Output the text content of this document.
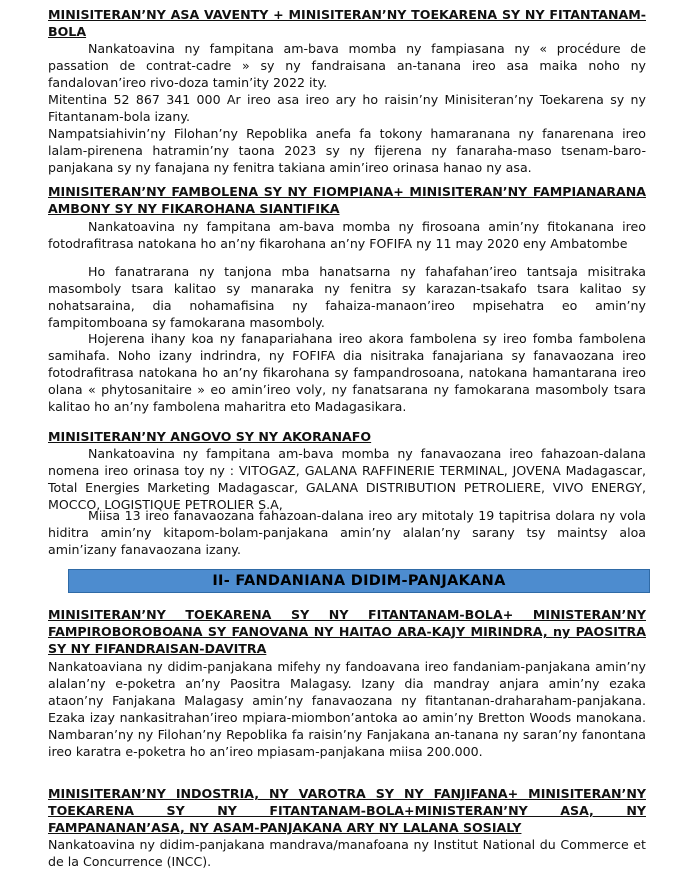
MINISITERAN’NY ASA VAVENTY + MINISITERAN’NY TOEKARENA SY NY FITANTANAM-BOLA

Nankatoavina ny fampitana am-bava momba ny fampiasana ny « procédure de passation de contrat-cadre » sy ny fandraisana an-tanana ireo asa maika noho ny fandalovan’ireo rivo-doza tamin’ity 2022 ity.

Mitentina 52 867 341 000 Ar ireo asa ireo ary ho raisin’ny Minisiteran’ny Toekarena sy ny Fitantanam-bola izany.

Nampatsiahivin’ny Filohan’ny Repoblika anefa fa tokony hamaranana ny fanarenana ireo lalam-pirenena hatramin’ny taona 2023 sy ny fijerena ny fanaraha-maso tsenam-baro-panjakana sy ny fanajana ny fenitra takiana amin’ireo orinasa hanao ny asa.

MINISITERAN’NY FAMBOLENA SY NY FIOMPIANA+ MINISITERAN’NY FAMPIANARANA AMBONY SY NY FIKAROHANA SIANTIFIKA

Nankatoavina ny fampitana am-bava momba ny firosoana amin’ny fitokanana ireo fotodrafitrasa natokana ho an’ny fikarohana an’ny FOFIFA ny 11 may 2020 eny Ambatombe

Ho fanatrarana ny tanjona mba hanatsarna ny fahafahan’ireo tantsaja misitraka masomboly tsara kalitao sy manaraka ny fenitra sy karazan-tsakafo tsara kalitao sy nohatsaraina, dia nohamafisina ny fahaiza-manaon’ireo mpisehatra eo amin’ny fampitomboana sy famokarana masomboly.

Hojerena ihany koa ny fanapariahana ireo akora fambolena sy ireo fomba fambolena samihafa. Noho izany indrindra, ny FOFIFA dia nisitraka fanajariana sy fanavaozana ireo fotodrafitrasa natokana ho an’ny fikarohana sy fampandrosoana, natokana hamantarana ireo olana « phytosanitaire » eo amin’ireo voly, ny fanatsarana ny famokarana masomboly tsara kalitao ho an’ny fambolena maharitra eto Madagasikara.

MINISITERAN’NY ANGOVO SY NY AKORANAFO

Nankatoavina ny fampitana am-bava momba ny fanavaozana ireo fahazoan-dalana nomena ireo orinasa toy ny : VITOGAZ, GALANA RAFFINERIE TERMINAL, JOVENA Madagascar, Total Energies Marketing Madagascar, GALANA DISTRIBUTION PETROLIERE, VIVO ENERGY, MOCCO, LOGISTIQUE PETROLIER S.A,

Miisa 13 ireo fanavaozana fahazoan-dalana ireo ary mitotaly 19 tapitrisa dolara ny vola hiditra amin’ny kitapom-bolam-panjakana amin’ny alalan’ny sarany tsy maintsy aloa amin’izany fanavaozana izany.

II- FANDANIANA DIDIM-PANJAKANA

MINISITERAN’NY TOEKARENA SY NY FITANTANAM-BOLA+ MINISTERAN’NY FAMPIROBOROBOANA SY FANOVANA NY HAITAO ARA-KAJY MIRINDRA, ny PAOSITRA SY NY FIFANDRAISAN-DAVITRA

Nankatoaviana ny didim-panjakana mifehy ny fandoavana ireo fandaniam-panjakana amin’ny alalan’ny e-poketra an’ny Paositra Malagasy. Izany dia mandray anjara amin’ny ezaka ataon’ny Fanjakana Malagasy amin’ny fanavaozana ny fitantanan-draharaham-panjakana. Ezaka izay nankasitrahan’ireo mpiara-miombon’antoka ao amin’ny Bretton Woods manokana. Nambaran’ny ny Filohan’ny Repoblika fa raisin’ny Fanjakana an-tanana ny saran’ny fanontana ireo karatra e-poketra ho an’ireo mpiasam-panjakana miisa 200.000.

MINISITERAN’NY INDOSTRIA, NY VAROTRA SY NY FANJIFANA+ MINISITERAN’NY TOEKARENA SY NY FITANTANAM-BOLA+MINISTERAN’NY ASA, NY FAMPANANAN’ASA, NY ASAM-PANJAKANA ARY NY LALANA SOSIALY

Nankatoavina ny didim-panjakana mandrava/manafoana ny Institut National du Commerce et de la Concurrence (INCC).
